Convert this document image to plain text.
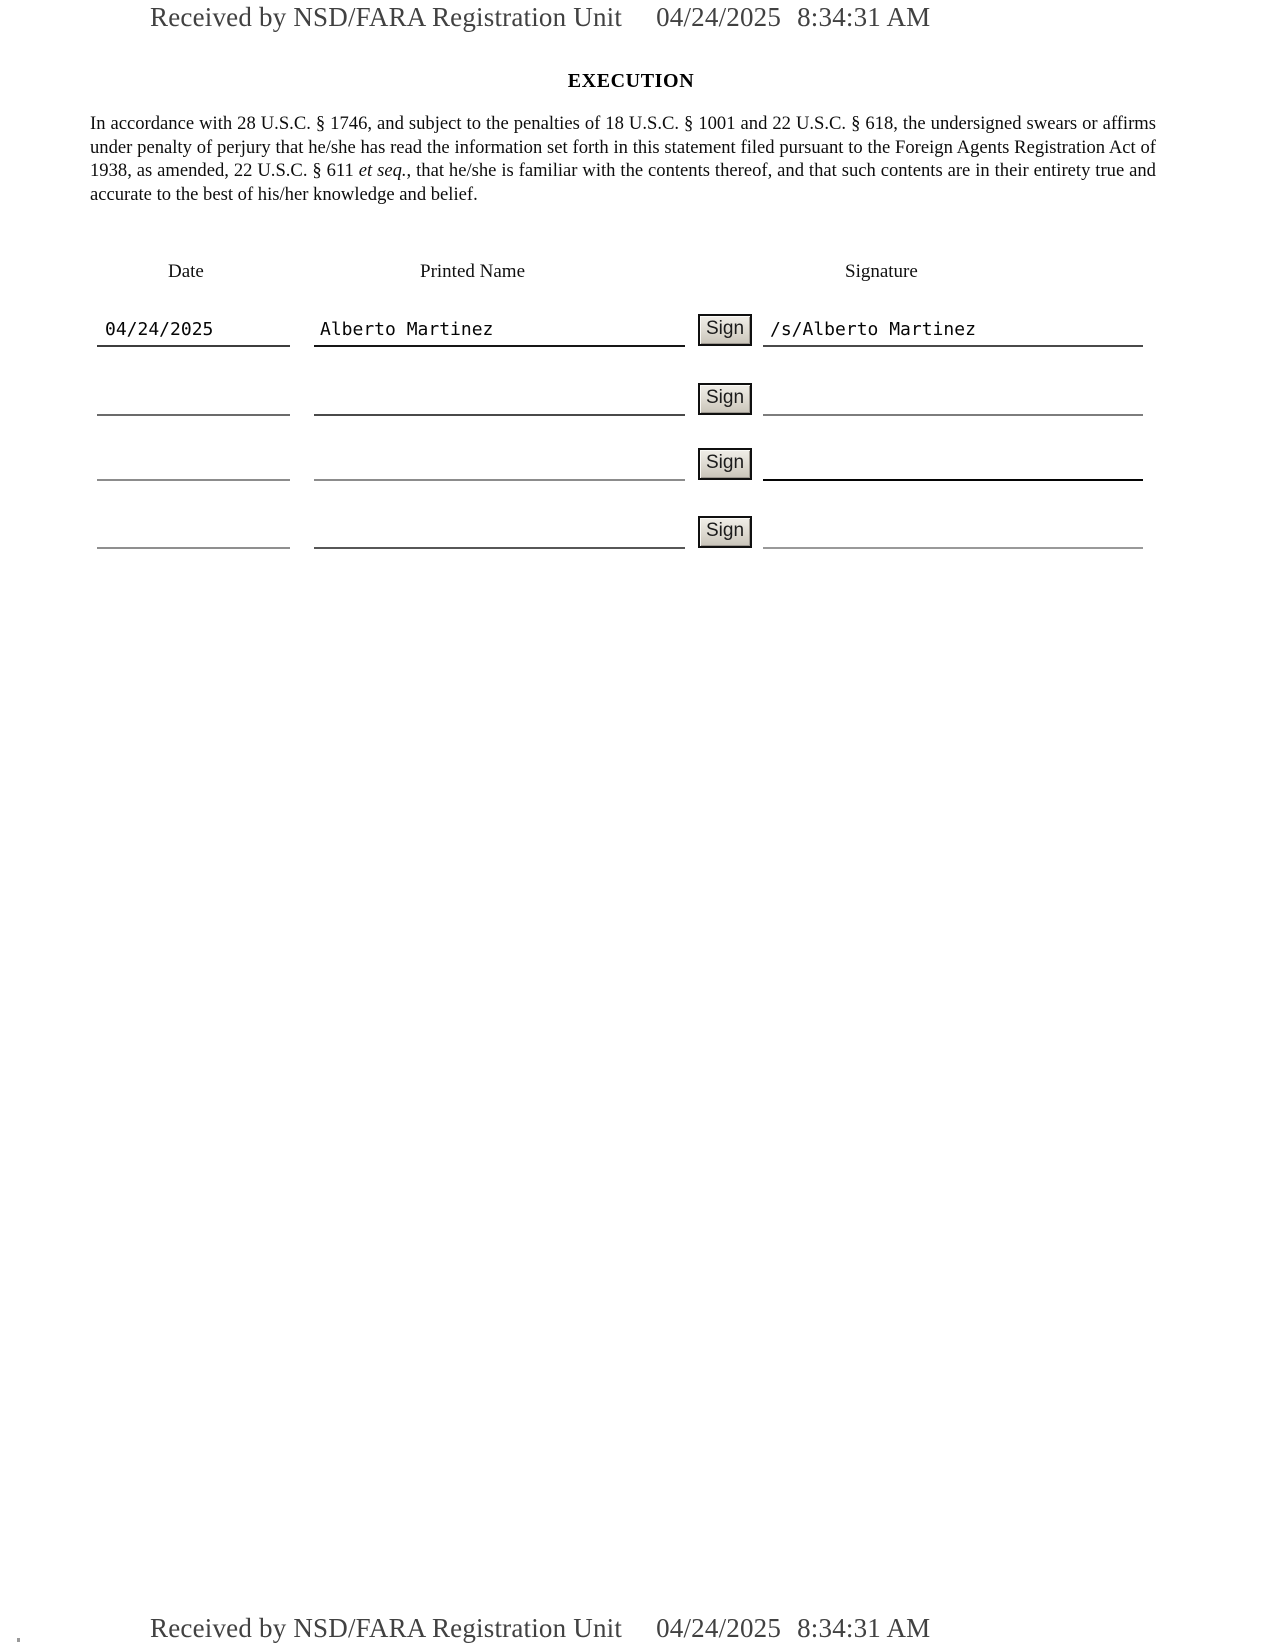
Received by NSD/FARA Registration Unit 04/24/2025 8:34:31 AM
EXECUTION

In accordance with 28 U.S.C. § 1746, and subject to the penalties of 18 U.S.C. § 1001 and 22 U.S.C. § 618, the undersigned swears or affirms under penalty of perjury that he/she has read the information set forth in this statement filed pursuant to the Foreign Agents Registration Act of 1938, as amended, 22 U.S.C. § 611 et seq., that he/she is familiar with the contents thereof, and that such contents are in their entirety true and accurate to the best of his/her knowledge and belief.

Date	Printed Name	Signature
Sign
04/24/2025	Alberto Martinez	/s/Alberto Martinez
Sign
Sign
Sign
Received by NSD/FARA Registration Unit 04/24/2025 8:34:31 AM
